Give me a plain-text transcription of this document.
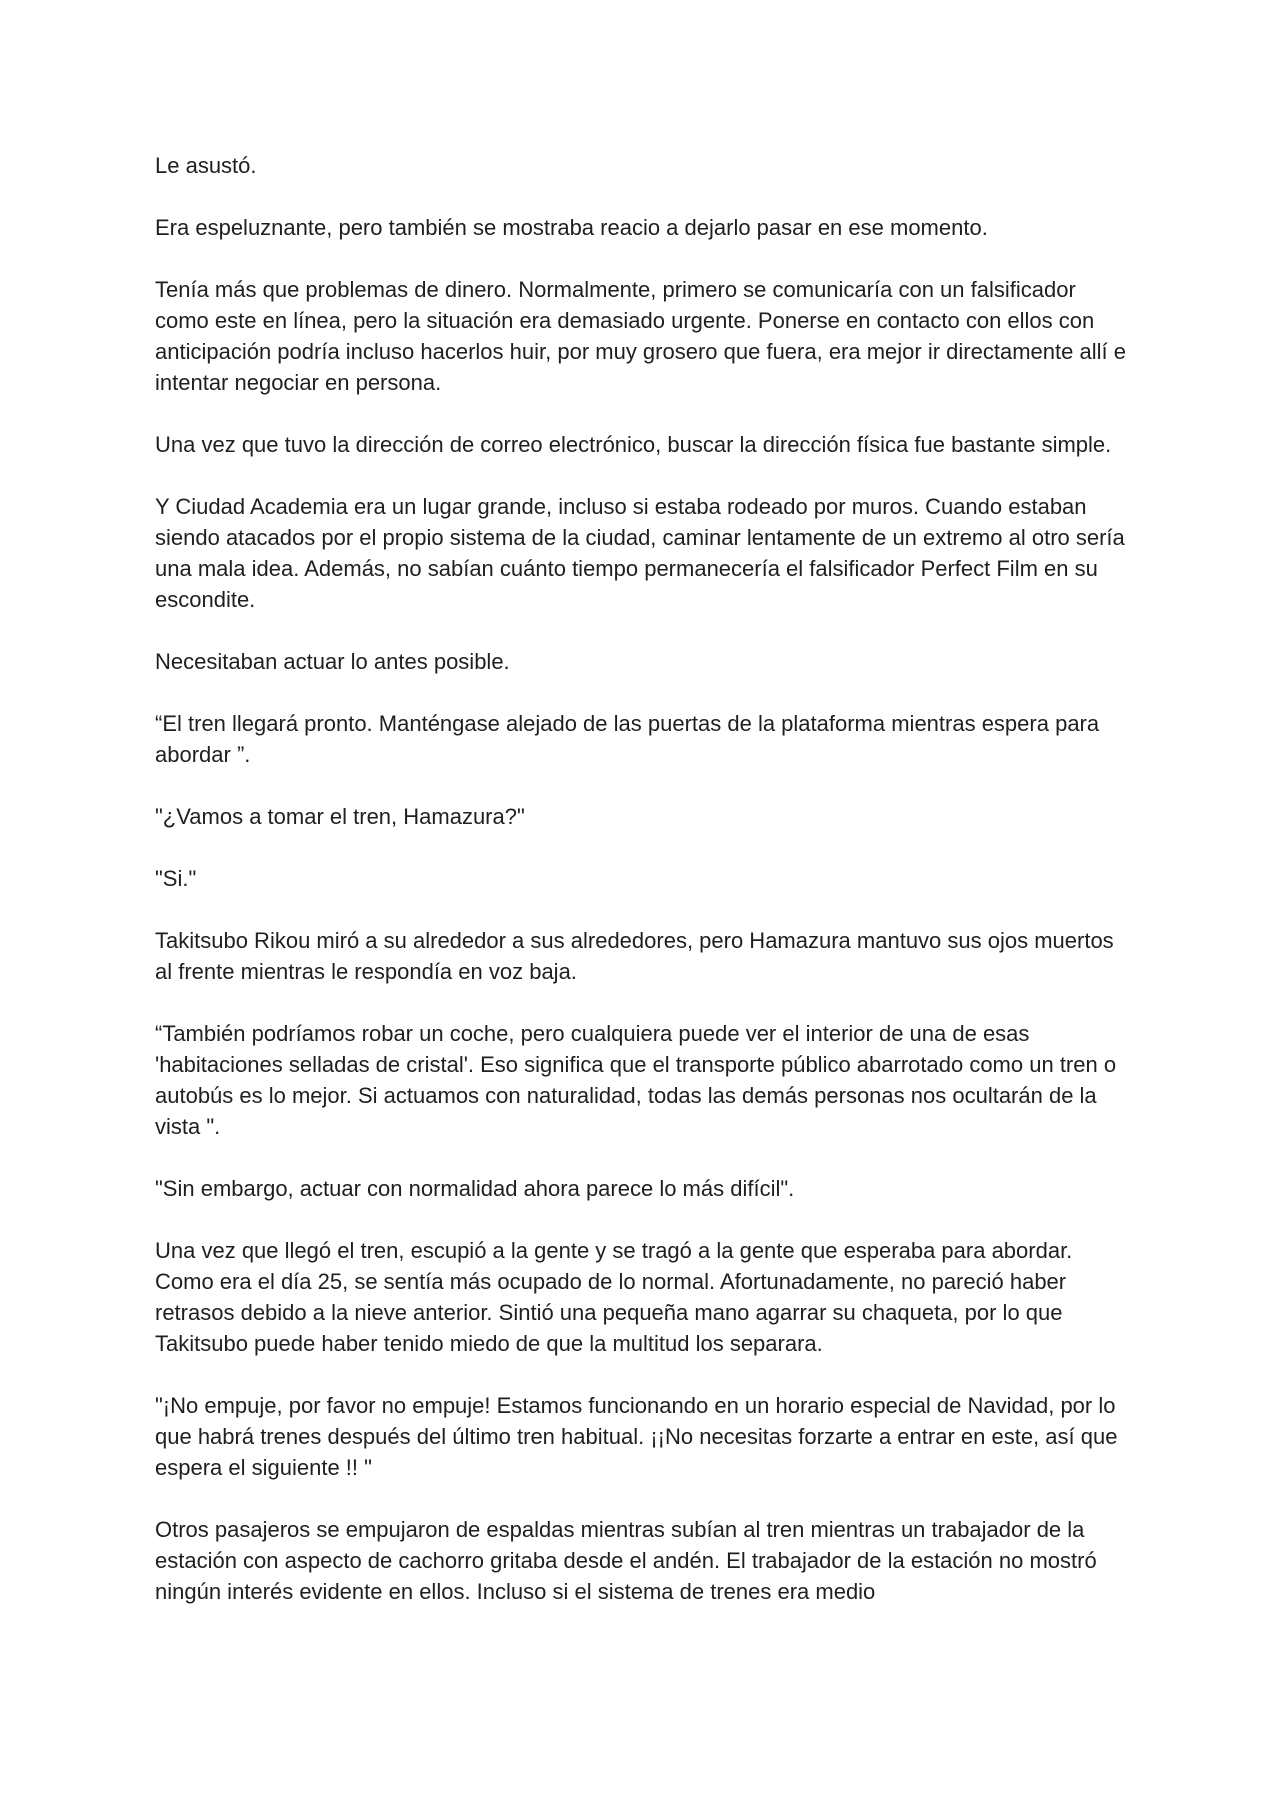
Le asustó.

Era espeluznante, pero también se mostraba reacio a dejarlo pasar en ese momento.

Tenía más que problemas de dinero. Normalmente, primero se comunicaría con un falsificador como este en línea, pero la situación era demasiado urgente. Ponerse en contacto con ellos con anticipación podría incluso hacerlos huir, por muy grosero que fuera, era mejor ir directamente allí e intentar negociar en persona.

Una vez que tuvo la dirección de correo electrónico, buscar la dirección física fue bastante simple.

Y Ciudad Academia era un lugar grande, incluso si estaba rodeado por muros. Cuando estaban siendo atacados por el propio sistema de la ciudad, caminar lentamente de un extremo al otro sería una mala idea. Además, no sabían cuánto tiempo permanecería el falsificador Perfect Film en su escondite.

Necesitaban actuar lo antes posible.

“El tren llegará pronto. Manténgase alejado de las puertas de la plataforma mientras espera para abordar ”.

"¿Vamos a tomar el tren, Hamazura?"

"Si."

Takitsubo Rikou miró a su alrededor a sus alrededores, pero Hamazura mantuvo sus ojos muertos al frente mientras le respondía en voz baja.

“También podríamos robar un coche, pero cualquiera puede ver el interior de una de esas 'habitaciones selladas de cristal'. Eso significa que el transporte público abarrotado como un tren o autobús es lo mejor. Si actuamos con naturalidad, todas las demás personas nos ocultarán de la vista ".

"Sin embargo, actuar con normalidad ahora parece lo más difícil".

Una vez que llegó el tren, escupió a la gente y se tragó a la gente que esperaba para abordar. Como era el día 25, se sentía más ocupado de lo normal. Afortunadamente, no pareció haber retrasos debido a la nieve anterior. Sintió una pequeña mano agarrar su chaqueta, por lo que Takitsubo puede haber tenido miedo de que la multitud los separara.

"¡No empuje, por favor no empuje! Estamos funcionando en un horario especial de Navidad, por lo que habrá trenes después del último tren habitual. ¡¡No necesitas forzarte a entrar en este, así que espera el siguiente !! "

Otros pasajeros se empujaron de espaldas mientras subían al tren mientras un trabajador de la estación con aspecto de cachorro gritaba desde el andén. El trabajador de la estación no mostró ningún interés evidente en ellos. Incluso si el sistema de trenes era medio
